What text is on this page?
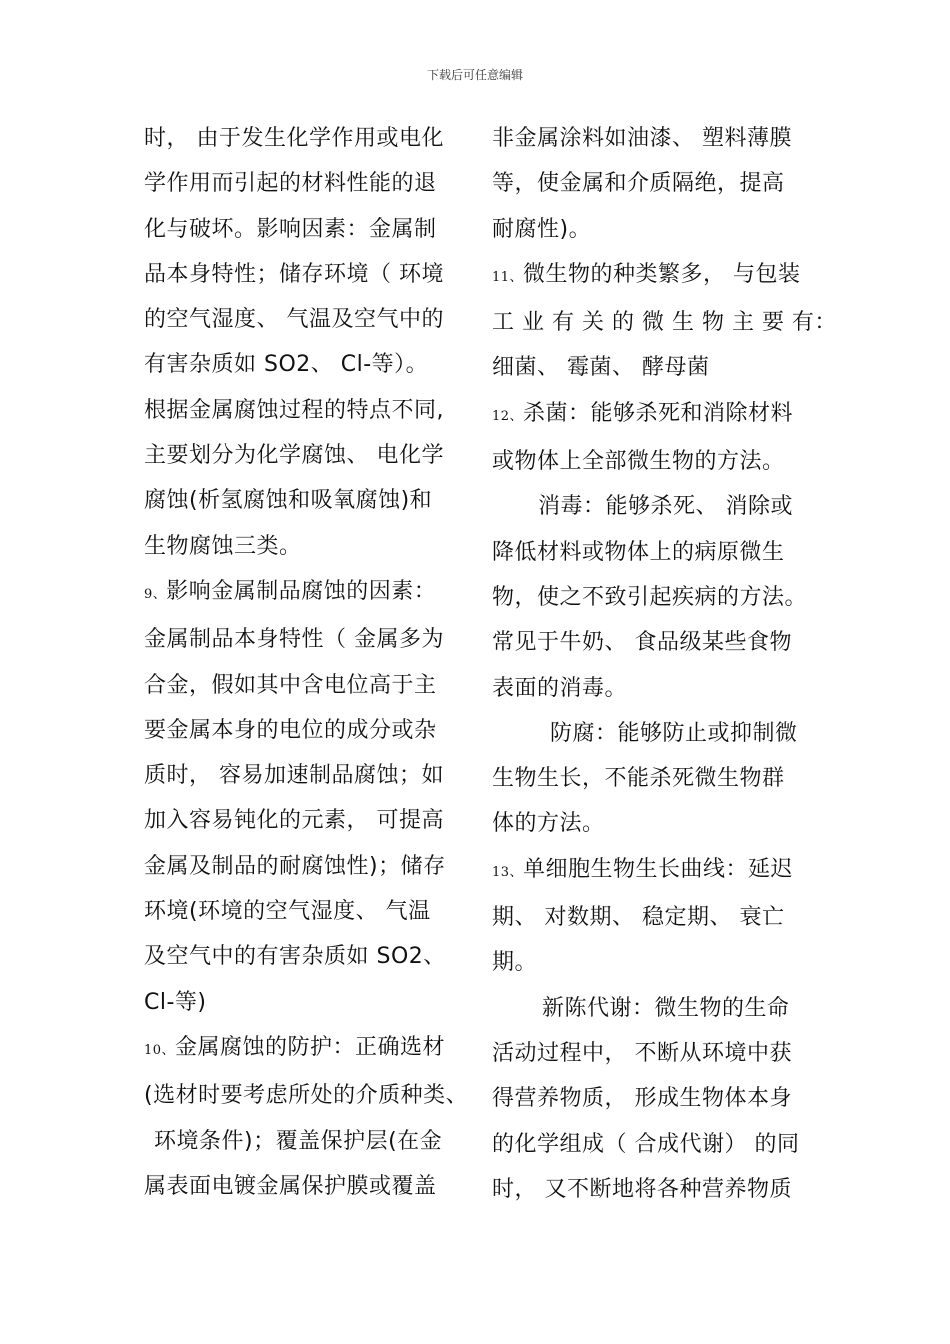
下载后可任意编辑

时， 由于发生化学作用或电化

学作用而引起的材料性能的退

化与破坏。影响因素：金属制

品本身特性；储存环境（ 环境

的空气湿度、 气温及空气中的

有害杂质如 SO2、 Cl-等）。

根据金属腐蚀过程的特点不同,

主要划分为化学腐蚀、 电化学

腐蚀(析氢腐蚀和吸氧腐蚀)和

生物腐蚀三类。

9、影响金属制品腐蚀的因素：

金属制品本身特性（ 金属多为

合金，假如其中含电位高于主

要金属本身的电位的成分或杂

质时， 容易加速制品腐蚀；如

加入容易钝化的元素， 可提高

金属及制品的耐腐蚀性)；储存

环境(环境的空气湿度、 气温

及空气中的有害杂质如 SO2、

Cl-等)

10、金属腐蚀的防护：正确选材

(选材时要考虑所处的介质种类、

环境条件)；覆盖保护层(在金

属表面电镀金属保护膜或覆盖

非金属涂料如油漆、 塑料薄膜

等，使金属和介质隔绝，提高

耐腐性)。

11、微生物的种类繁多， 与包装

工 业 有 关 的 微 生 物 主 要 有：

细菌、 霉菌、 酵母菌

12、杀菌：能够杀死和消除材料

或物体上全部微生物的方法。

消毒：能够杀死、 消除或

降低材料或物体上的病原微生

物，使之不致引起疾病的方法。

常见于牛奶、 食品级某些食物

表面的消毒。

防腐：能够防止或抑制微

生物生长，不能杀死微生物群

体的方法。

13、单细胞生物生长曲线：延迟

期、 对数期、 稳定期、 衰亡

期。

新陈代谢：微生物的生命

活动过程中， 不断从环境中获

得营养物质， 形成生物体本身

的化学组成（ 合成代谢） 的同

时， 又不断地将各种营养物质
